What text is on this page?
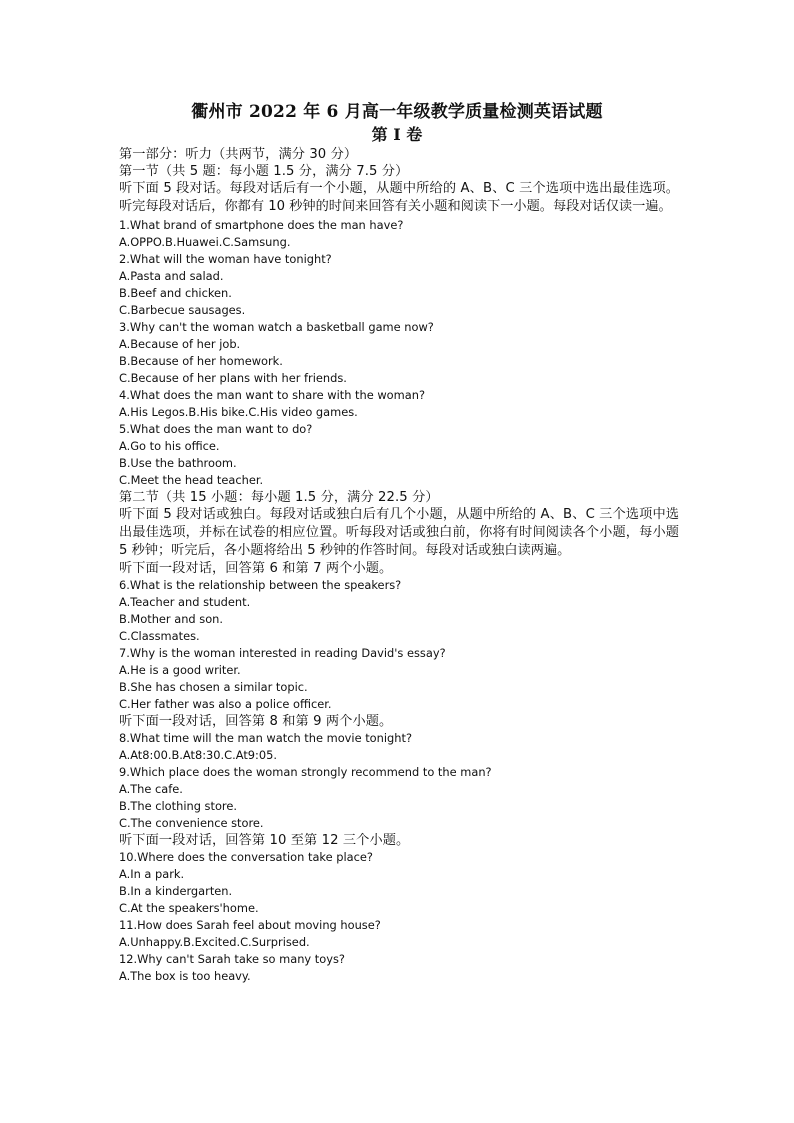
衢州市 2022 年 6 月高一年级教学质量检测英语试题
第 I 卷
第一部分：听力（共两节，满分 30 分）
第一节（共 5 题：每小题 1.5 分，满分 7.5 分）
听下面 5 段对话。每段对话后有一个小题，从题中所给的 A、B、C 三个选项中选出最佳选项。听完每段对话后，你都有 10 秒钟的时间来回答有关小题和阅读下一小题。每段对话仅读一遍。
1.What brand of smartphone does the man have?
A.OPPO.B.Huawei.C.Samsung.
2.What will the woman have tonight?
A.Pasta and salad.
B.Beef and chicken.
C.Barbecue sausages.
3.Why can't the woman watch a basketball game now?
A.Because of her job.
B.Because of her homework.
C.Because of her plans with her friends.
4.What does the man want to share with the woman?
A.His Legos.B.His bike.C.His video games.
5.What does the man want to do?
A.Go to his office.
B.Use the bathroom.
C.Meet the head teacher.
第二节（共 15 小题：每小题 1.5 分，满分 22.5 分）
听下面 5 段对话或独白。每段对话或独白后有几个小题，从题中所给的 A、B、C 三个选项中选出最佳选项，并标在试卷的相应位置。听每段对话或独白前，你将有时间阅读各个小题，每小题 5 秒钟；听完后，各小题将给出 5 秒钟的作答时间。每段对话或独白读两遍。
听下面一段对话，回答第 6 和第 7 两个小题。
6.What is the relationship between the speakers?
A.Teacher and student.
B.Mother and son.
C.Classmates.
7.Why is the woman interested in reading David's essay?
A.He is a good writer.
B.She has chosen a similar topic.
C.Her father was also a police officer.
听下面一段对话，回答第 8 和第 9 两个小题。
8.What time will the man watch the movie tonight?
A.At8:00.B.At8:30.C.At9:05.
9.Which place does the woman strongly recommend to the man?
A.The cafe.
B.The clothing store.
C.The convenience store.
听下面一段对话，回答第 10 至第 12 三个小题。
10.Where does the conversation take place?
A.In a park.
B.In a kindergarten.
C.At the speakers'home.
11.How does Sarah feel about moving house?
A.Unhappy.B.Excited.C.Surprised.
12.Why can't Sarah take so many toys?
A.The box is too heavy.
